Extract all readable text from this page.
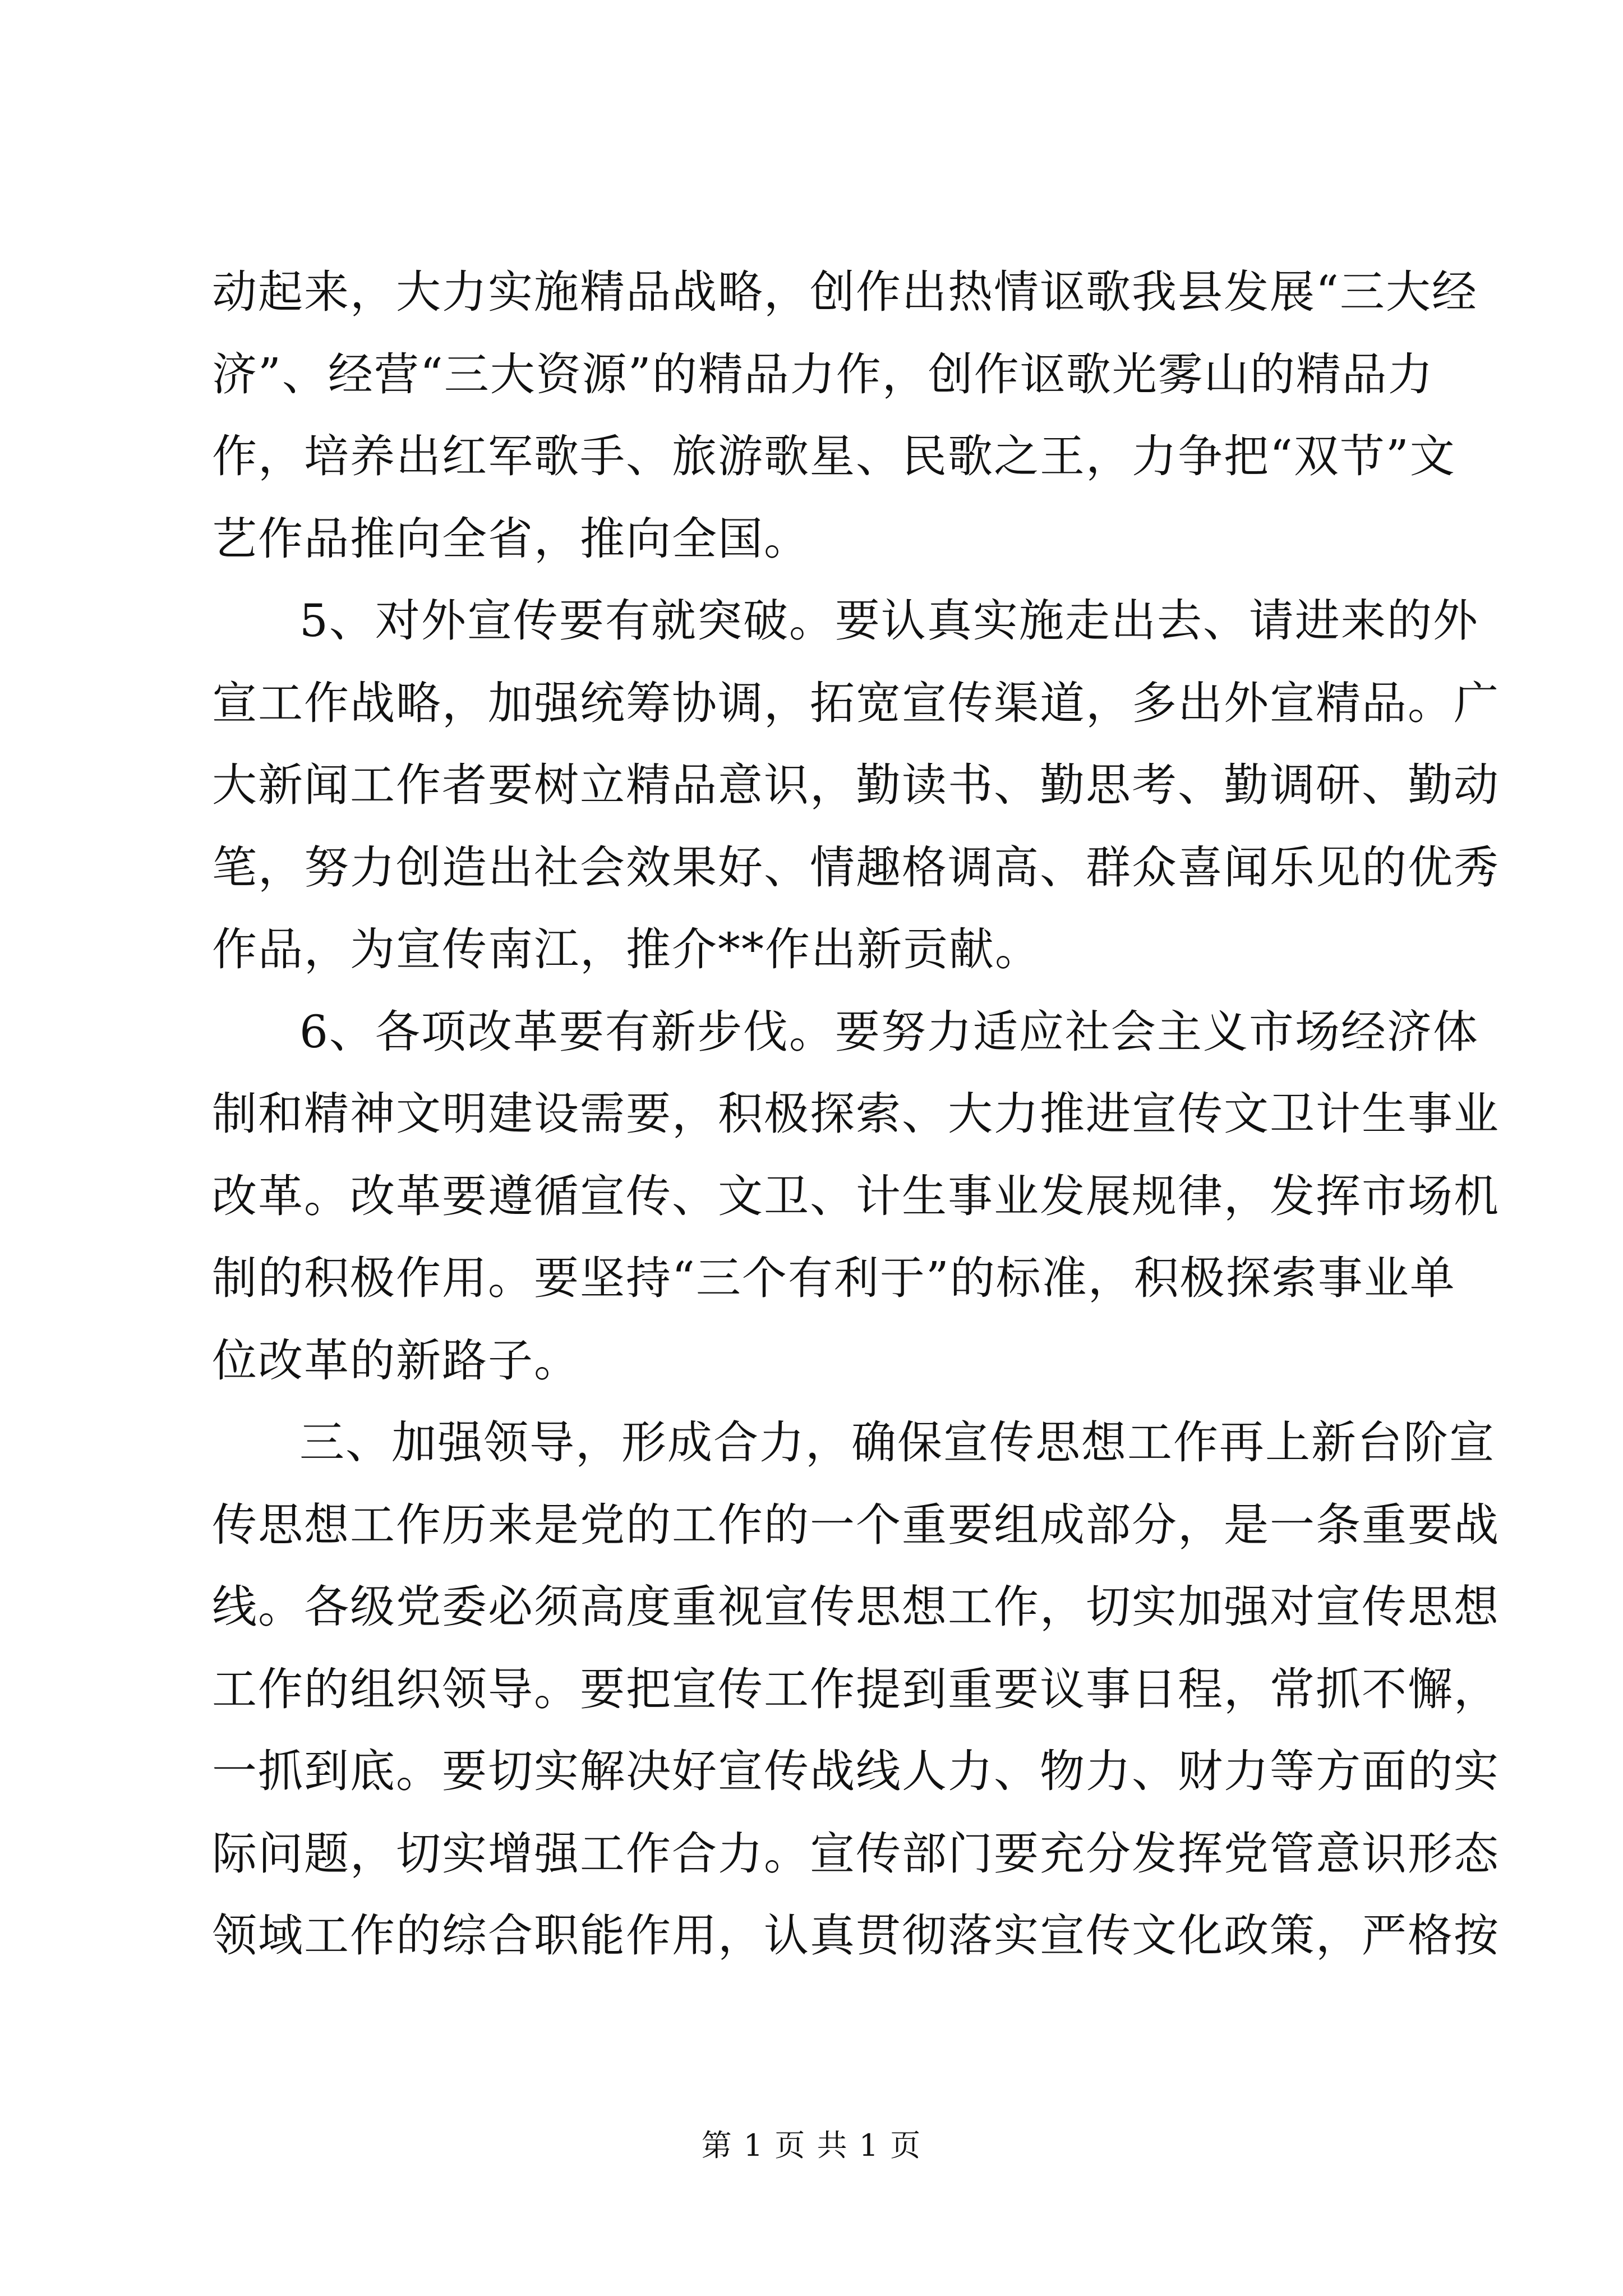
动起来，大力实施精品战略，创作出热情讴歌我县发展“三大经
济”、经营“三大资源”的精品力作，创作讴歌光雾山的精品力
作，培养出红军歌手、旅游歌星、民歌之王，力争把“双节”文
艺作品推向全省，推向全国。
5、对外宣传要有就突破。要认真实施走出去、请进来的外
宣工作战略，加强统筹协调，拓宽宣传渠道，多出外宣精品。广
大新闻工作者要树立精品意识，勤读书、勤思考、勤调研、勤动
笔，努力创造出社会效果好、情趣格调高、群众喜闻乐见的优秀
作品，为宣传南江，推介**作出新贡献。
6、各项改革要有新步伐。要努力适应社会主义市场经济体
制和精神文明建设需要，积极探索、大力推进宣传文卫计生事业
改革。改革要遵循宣传、文卫、计生事业发展规律，发挥市场机
制的积极作用。要坚持“三个有利于”的标准，积极探索事业单
位改革的新路子。
三、加强领导，形成合力，确保宣传思想工作再上新台阶宣
传思想工作历来是党的工作的一个重要组成部分，是一条重要战
线。各级党委必须高度重视宣传思想工作，切实加强对宣传思想
工作的组织领导。要把宣传工作提到重要议事日程，常抓不懈，
一抓到底。要切实解决好宣传战线人力、物力、财力等方面的实
际问题，切实增强工作合力。宣传部门要充分发挥党管意识形态
领域工作的综合职能作用，认真贯彻落实宣传文化政策，严格按
第 1 页 共 1 页
